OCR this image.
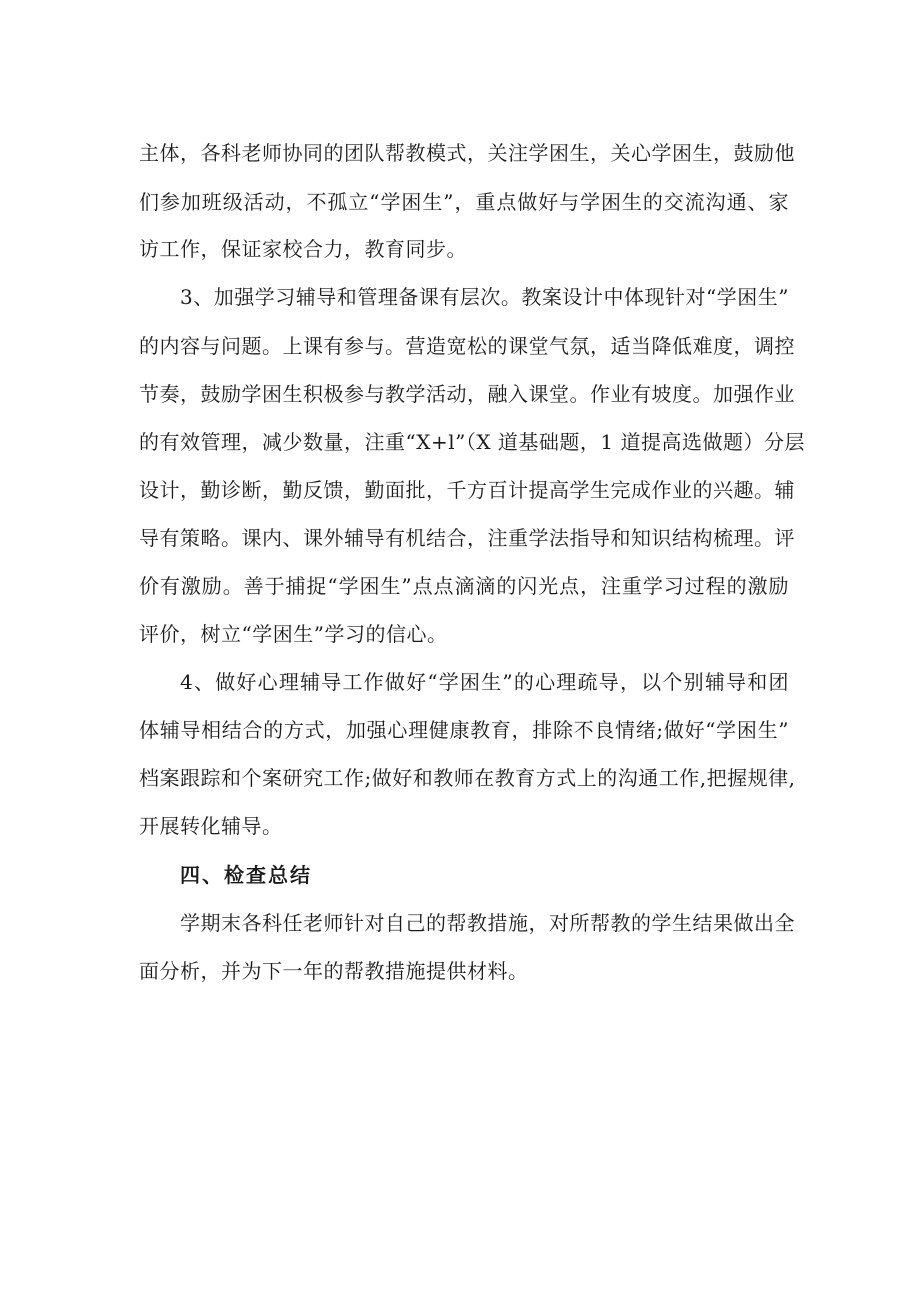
主体，各科老师协同的团队帮教模式，关注学困生，关心学困生，鼓励他
们参加班级活动，不孤立“学困生”，重点做好与学困生的交流沟通、家
访工作，保证家校合力，教育同步。
3、加强学习辅导和管理备课有层次。教案设计中体现针对“学困生”
的内容与问题。上课有参与。营造宽松的课堂气氛，适当降低难度，调控
节奏，鼓励学困生积极参与教学活动，融入课堂。作业有坡度。加强作业
的有效管理，减少数量，注重“X+l”（X 道基础题，1 道提高选做题）分层
设计，勤诊断，勤反馈，勤面批，千方百计提高学生完成作业的兴趣。辅
导有策略。课内、课外辅导有机结合，注重学法指导和知识结构梳理。评
价有激励。善于捕捉“学困生”点点滴滴的闪光点，注重学习过程的激励
评价，树立“学困生”学习的信心。
4、做好心理辅导工作做好“学困生”的心理疏导，以个别辅导和团
体辅导相结合的方式，加强心理健康教育，排除不良情绪;做好“学困生”
档案跟踪和个案研究工作;做好和教师在教育方式上的沟通工作,把握规律,
开展转化辅导。
四、检查总结
学期末各科任老师针对自己的帮教措施，对所帮教的学生结果做出全
面分析，并为下一年的帮教措施提供材料。
